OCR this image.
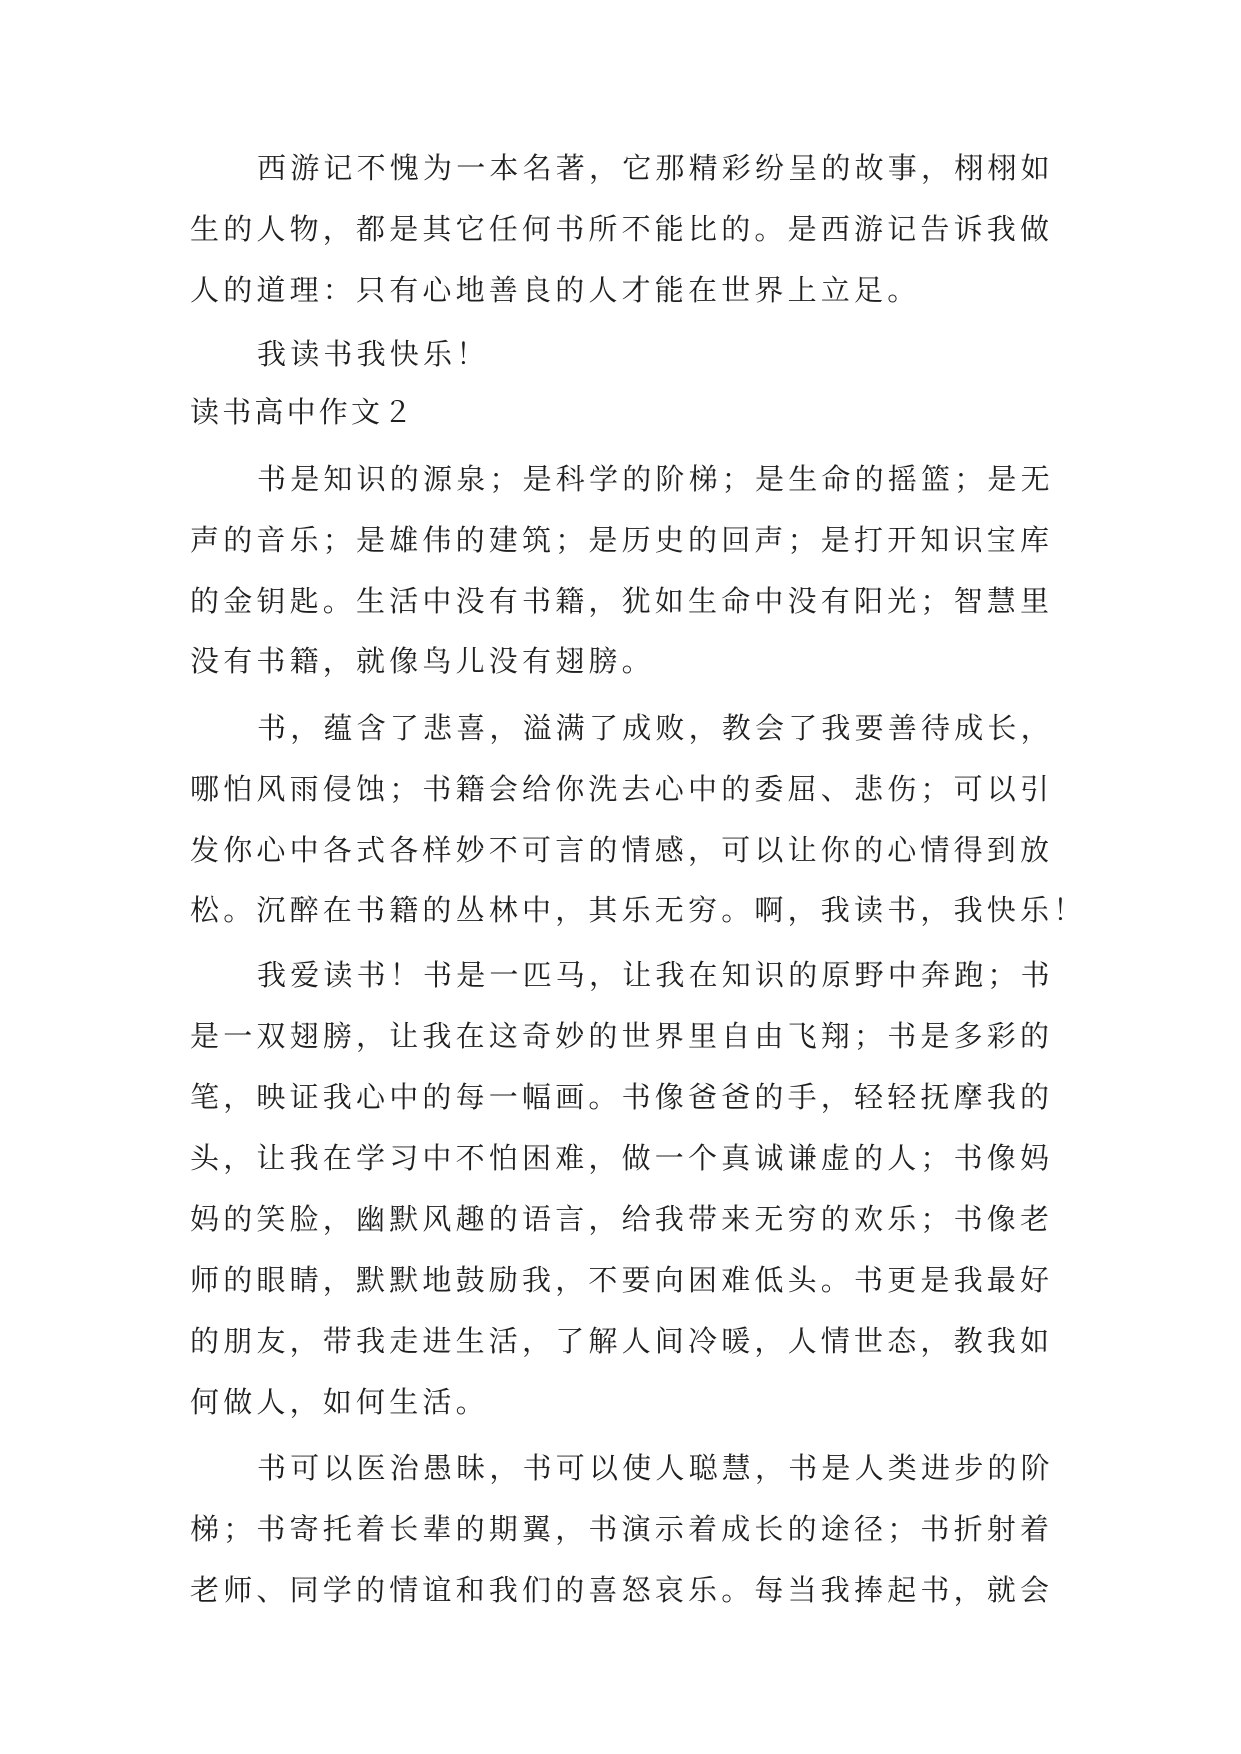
西游记不愧为一本名著，它那精彩纷呈的故事，栩栩如

生的人物，都是其它任何书所不能比的。是西游记告诉我做

人的道理：只有心地善良的人才能在世界上立足。

我读书我快乐！

读书高中作文２

书是知识的源泉；是科学的阶梯；是生命的摇篮；是无

声的音乐；是雄伟的建筑；是历史的回声；是打开知识宝库

的金钥匙。生活中没有书籍，犹如生命中没有阳光；智慧里

没有书籍，就像鸟儿没有翅膀。

书，蕴含了悲喜，溢满了成败，教会了我要善待成长，

哪怕风雨侵蚀；书籍会给你洗去心中的委屈、悲伤；可以引

发你心中各式各样妙不可言的情感，可以让你的心情得到放

松。沉醉在书籍的丛林中，其乐无穷。啊，我读书，我快乐！

我爱读书！书是一匹马，让我在知识的原野中奔跑；书

是一双翅膀，让我在这奇妙的世界里自由飞翔；书是多彩的

笔，映证我心中的每一幅画。书像爸爸的手，轻轻抚摩我的

头，让我在学习中不怕困难，做一个真诚谦虚的人；书像妈

妈的笑脸，幽默风趣的语言，给我带来无穷的欢乐；书像老

师的眼睛，默默地鼓励我，不要向困难低头。书更是我最好

的朋友，带我走进生活，了解人间冷暖，人情世态，教我如

何做人，如何生活。

书可以医治愚昧，书可以使人聪慧，书是人类进步的阶

梯；书寄托着长辈的期翼，书演示着成长的途径；书折射着

老师、同学的情谊和我们的喜怒哀乐。每当我捧起书，就会
